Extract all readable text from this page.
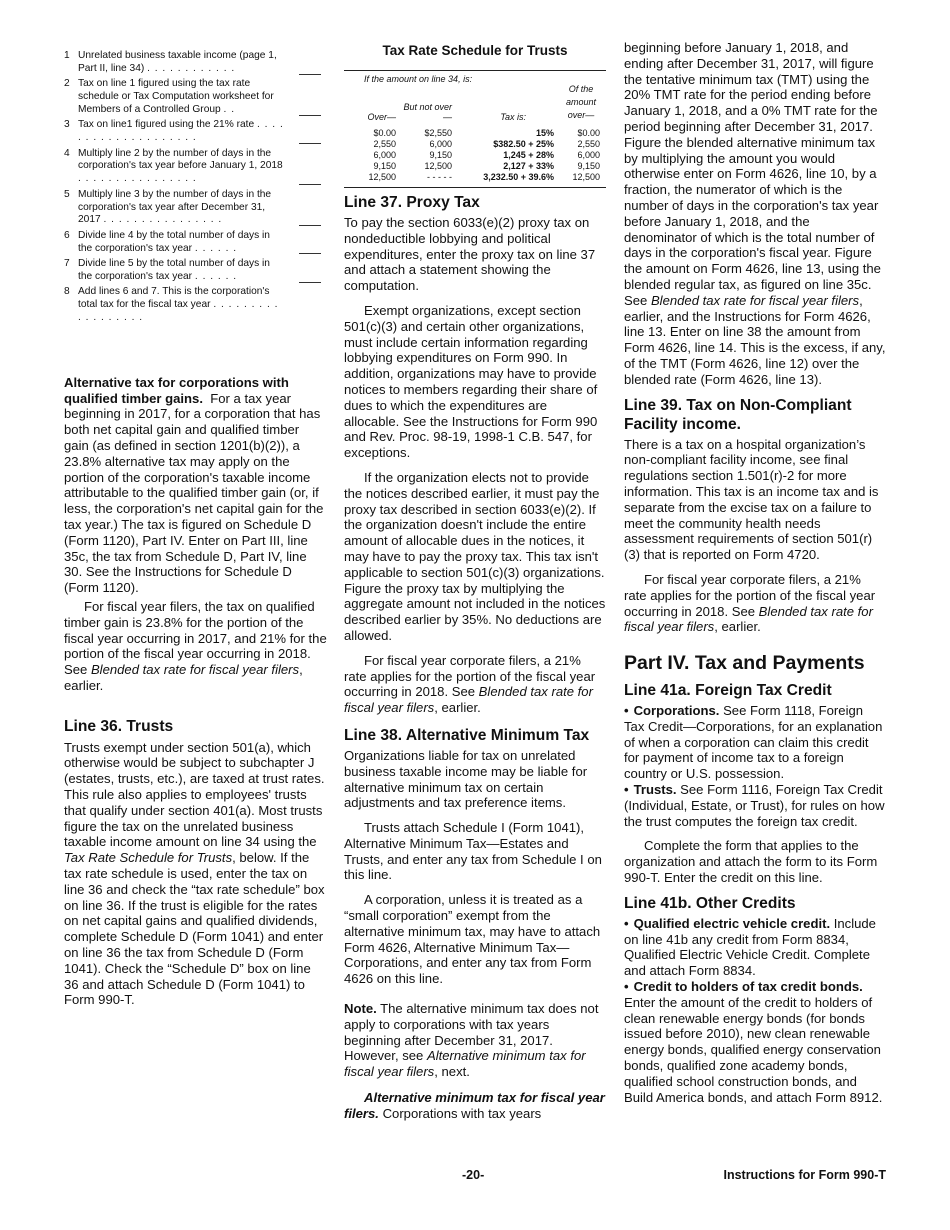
1 Unrelated business taxable income (page 1, Part II, line 34) . . . . . . . . . . . .
2 Tax on line 1 figured using the tax rate schedule or Tax Computation worksheet for Members of a Controlled Group . .
3 Tax on line1 figured using the 21% rate . . . . . . . . . . . . . . . . . . . .
4 Multiply line 2 by the number of days in the corporation's tax year before January 1, 2018 . . . . . . . . . . . . . . . .
5 Multiply line 3 by the number of days in the corporation's tax year after December 31, 2017 . . . . . . . . . . . . . . . .
6 Divide line 4 by the total number of days in the corporation's tax year . . . . . .
7 Divide line 5 by the total number of days in the corporation's tax year . . . . . .
8 Add lines 6 and 7. This is the corporation's total tax for the fiscal tax year . . . . . . . . . . . . . . . . . .

Alternative tax for corporations with qualified timber gains. For a tax year beginning in 2017, for a corporation that has both net capital gain and qualified timber gain (as defined in section 1201(b)(2)), a 23.8% alternative tax may apply on the portion of the corporation's taxable income attributable to the qualified timber gain (or, if less, the corporation's net capital gain for the tax year.) The tax is figured on Schedule D (Form 1120), Part IV. Enter on Part III, line 35c, the tax from Schedule D, Part IV, line 30. See the Instructions for Schedule D (Form 1120).

For fiscal year filers, the tax on qualified timber gain is 23.8% for the portion of the fiscal year occurring in 2017, and 21% for the portion of the fiscal year occurring in 2018. See Blended tax rate for fiscal year filers, earlier.

Line 36. Trusts

Trusts exempt under section 501(a), which otherwise would be subject to subchapter J (estates, trusts, etc.), are taxed at trust rates. This rule also applies to employees' trusts that qualify under section 401(a). Most trusts figure the tax on the unrelated business taxable income amount on line 34 using the Tax Rate Schedule for Trusts, below. If the tax rate schedule is used, enter the tax on line 36 and check the “tax rate schedule” box on line 36. If the trust is eligible for the rates on net capital gains and qualified dividends, complete Schedule D (Form 1041) and enter on line 36 the tax from Schedule D (Form 1041). Check the “Schedule D” box on line 36 and attach Schedule D (Form 1041) to Form 990-T.

Tax Rate Schedule for Trusts
If the amount on line 34, is:
Over—
But not over—	Tax is:
Of the amount over—
$0.00	$2,550	15%	$0.00
2,550	6,000	$382.50 + 25%	2,550
6,000	9,150	1,245 + 28%	6,000
9,150	12,500	2,127 + 33%	9,150
12,500	- - - - -	3,232.50 + 39.6%	12,500
Line 37. Proxy Tax

To pay the section 6033(e)(2) proxy tax on nondeductible lobbying and political expenditures, enter the proxy tax on line 37 and attach a statement showing the computation.

Exempt organizations, except section 501(c)(3) and certain other organizations, must include certain information regarding lobbying expenditures on Form 990. In addition, organizations may have to provide notices to members regarding their share of dues to which the expenditures are allocable. See the Instructions for Form 990 and Rev. Proc. 98-19, 1998-1 C.B. 547, for exceptions.

If the organization elects not to provide the notices described earlier, it must pay the proxy tax described in section 6033(e)(2). If the organization doesn't include the entire amount of allocable dues in the notices, it may have to pay the proxy tax. This tax isn't applicable to section 501(c)(3) organizations. Figure the proxy tax by multiplying the aggregate amount not included in the notices described earlier by 35%. No deductions are allowed.

For fiscal year corporate filers, a 21% rate applies for the portion of the fiscal year occurring in 2018. See Blended tax rate for fiscal year filers, earlier.

Line 38. Alternative Minimum Tax

Organizations liable for tax on unrelated business taxable income may be liable for alternative minimum tax on certain adjustments and tax preference items.

Trusts attach Schedule I (Form 1041), Alternative Minimum Tax—Estates and Trusts, and enter any tax from Schedule I on this line.

A corporation, unless it is treated as a “small corporation” exempt from the alternative minimum tax, may have to attach Form 4626, Alternative Minimum Tax—Corporations, and enter any tax from Form 4626 on this line.

Note. The alternative minimum tax does not apply to corporations with tax years beginning after December 31, 2017. However, see Alternative minimum tax for fiscal year filers, next.

Alternative minimum tax for fiscal year filers. Corporations with tax years

beginning before January 1, 2018, and ending after December 31, 2017, will figure the tentative minimum tax (TMT) using the 20% TMT rate for the period ending before January 1, 2018, and a 0% TMT rate for the period beginning after December 31, 2017. Figure the blended alternative minimum tax by multiplying the amount you would otherwise enter on Form 4626, line 10, by a fraction, the numerator of which is the number of days in the corporation's tax year before January 1, 2018, and the denominator of which is the total number of days in the corporation's fiscal year. Figure the amount on Form 4626, line 13, using the blended regular tax, as figured on line 35c. See Blended tax rate for fiscal year filers, earlier, and the Instructions for Form 4626, line 13. Enter on line 38 the amount from Form 4626, line 14. This is the excess, if any, of the TMT (Form 4626, line 12) over the blended rate (Form 4626, line 13).

Line 39. Tax on Non-Compliant Facility income.

There is a tax on a hospital organization’s non-compliant facility income, see final regulations section 1.501(r)-2 for more information. This tax is an income tax and is separate from the excise tax on a failure to meet the community health needs assessment requirements of section 501(r)(3) that is reported on Form 4720.

For fiscal year corporate filers, a 21% rate applies for the portion of the fiscal year occurring in 2018. See Blended tax rate for fiscal year filers, earlier.

Part IV. Tax and Payments
Line 41a. Foreign Tax Credit

• Corporations. See Form 1118, Foreign Tax Credit—Corporations, for an explanation of when a corporation can claim this credit for payment of income tax to a foreign country or U.S. possession.

• Trusts. See Form 1116, Foreign Tax Credit (Individual, Estate, or Trust), for rules on how the trust computes the foreign tax credit.

Complete the form that applies to the organization and attach the form to its Form 990-T. Enter the credit on this line.

Line 41b. Other Credits

• Qualified electric vehicle credit. Include on line 41b any credit from Form 8834, Qualified Electric Vehicle Credit. Complete and attach Form 8834.

• Credit to holders of tax credit bonds. Enter the amount of the credit to holders of clean renewable energy bonds (for bonds issued before 2010), new clean renewable energy bonds, qualified energy conservation bonds, qualified zone academy bonds, qualified school construction bonds, and Build America bonds, and attach Form 8912.

-20-	Instructions for Form 990-T
